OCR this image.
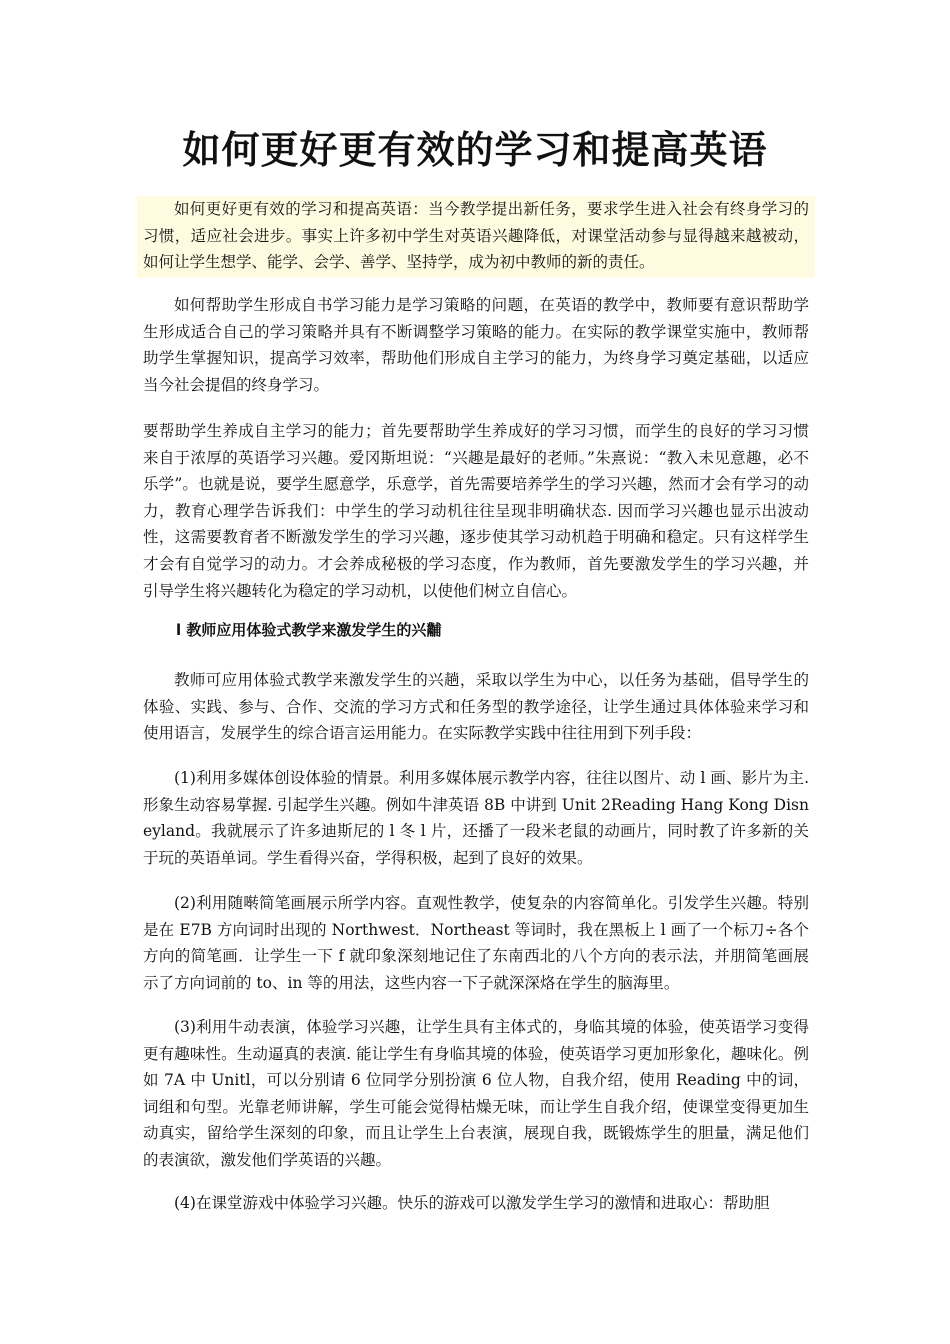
如何更好更有效的学习和提高英语

如何更好更有效的学习和提高英语：当今教学提出新任务，要求学生进入社会有终身学习的习惯，适应社会进步。事实上许多初中学生对英语兴趣降低，对课堂活动参与显得越来越被动，如何让学生想学、能学、会学、善学、坚持学，成为初中教师的新的责任。

如何帮助学生形成自书学习能力是学习策略的问题，在英语的教学中，教师要有意识帮助学生形成适合自己的学习策略并具有不断调整学习策略的能力。在实际的教学课堂实施中，教师帮助学生掌握知识，提高学习效率，帮助他们形成自主学习的能力，为终身学习奠定基础，以适应当今社会提倡的终身学习。

要帮助学生养成自主学习的能力；首先要帮助学生养成好的学习习惯，而学生的良好的学习习惯来自于浓厚的英语学习兴趣。爱冈斯坦说：“兴趣是最好的老师。”朱熹说：“教入未见意趣，必不乐学”。也就是说，要学生愿意学，乐意学，首先需要培养学生的学习兴趣，然而才会有学习的动力，教育心理学告诉我们：中学生的学习动机往往呈现非明确状态. 因而学习兴趣也显示出波动性，这需要教育者不断激发学生的学习兴趣，逐步使其学习动机趋于明确和稳定。只有这样学生才会有自觉学习的动力。才会养成秘极的学习态度，作为教师，首先要激发学生的学习兴趣，并引导学生将兴趣转化为稳定的学习动机，以使他们树立自信心。

l 教师应用体验式教学来激发学生的兴黼

教师可应用体验式教学来激发学生的兴趟，采取以学生为中心，以任务为基础，倡导学生的体验、实践、参与、合作、交流的学习方式和任务型的教学途径，让学生通过具体体验来学习和使用语言，发展学生的综合语言运用能力。在实际教学实践中往往用到下列手段：

(1)利用多媒体创设体验的情景。利用多媒体展示教学内容，往往以图片、动 l 画、影片为主. 形象生动容易掌握. 引起学生兴趣。例如牛津英语 8B 中讲到 Unit 2Reading Hang Kong Disneyland。我就展示了许多迪斯尼的 l 冬 l 片，还播了一段米老鼠的动画片，同时教了许多新的关于玩的英语单词。学生看得兴奋，学得积极，起到了良好的效果。

(2)利用随啭简笔画展示所学内容。直观性教学，使复杂的内容简单化。引发学生兴趣。特别是在 E7B 方向词时出现的 Northwest．Northeast 等词时，我在黑板上 l 画了一个标刀÷各个方向的简笔画．让学生一下 f 就印象深刻地记住了东南西北的八个方向的表示法，并朋简笔画展示了方向词前的 to、in 等的用法，这些内容一下子就深深烙在学生的脑海里。

(3)利用牛动表演，体验学习兴趣，让学生具有主体式的，身临其境的体验，使英语学习变得更有趣味性。生动逼真的表演. 能让学生有身临其境的体验，使英语学习更加形象化，趣味化。例如 7A 中 Unitl，可以分别请 6 位同学分别扮演 6 位人物，自我介绍，使用 Reading 中的词，词组和句型。光靠老师讲解，学生可能会觉得枯燥无味，而让学生自我介绍，使课堂变得更加生动真实，留给学生深刻的印象，而且让学生上台表演，展现自我，既锻炼学生的胆量，满足他们的表演欲，激发他们学英语的兴趣。

(4)在课堂游戏中体验学习兴趣。快乐的游戏可以激发学生学习的激情和进取心：帮助胆
